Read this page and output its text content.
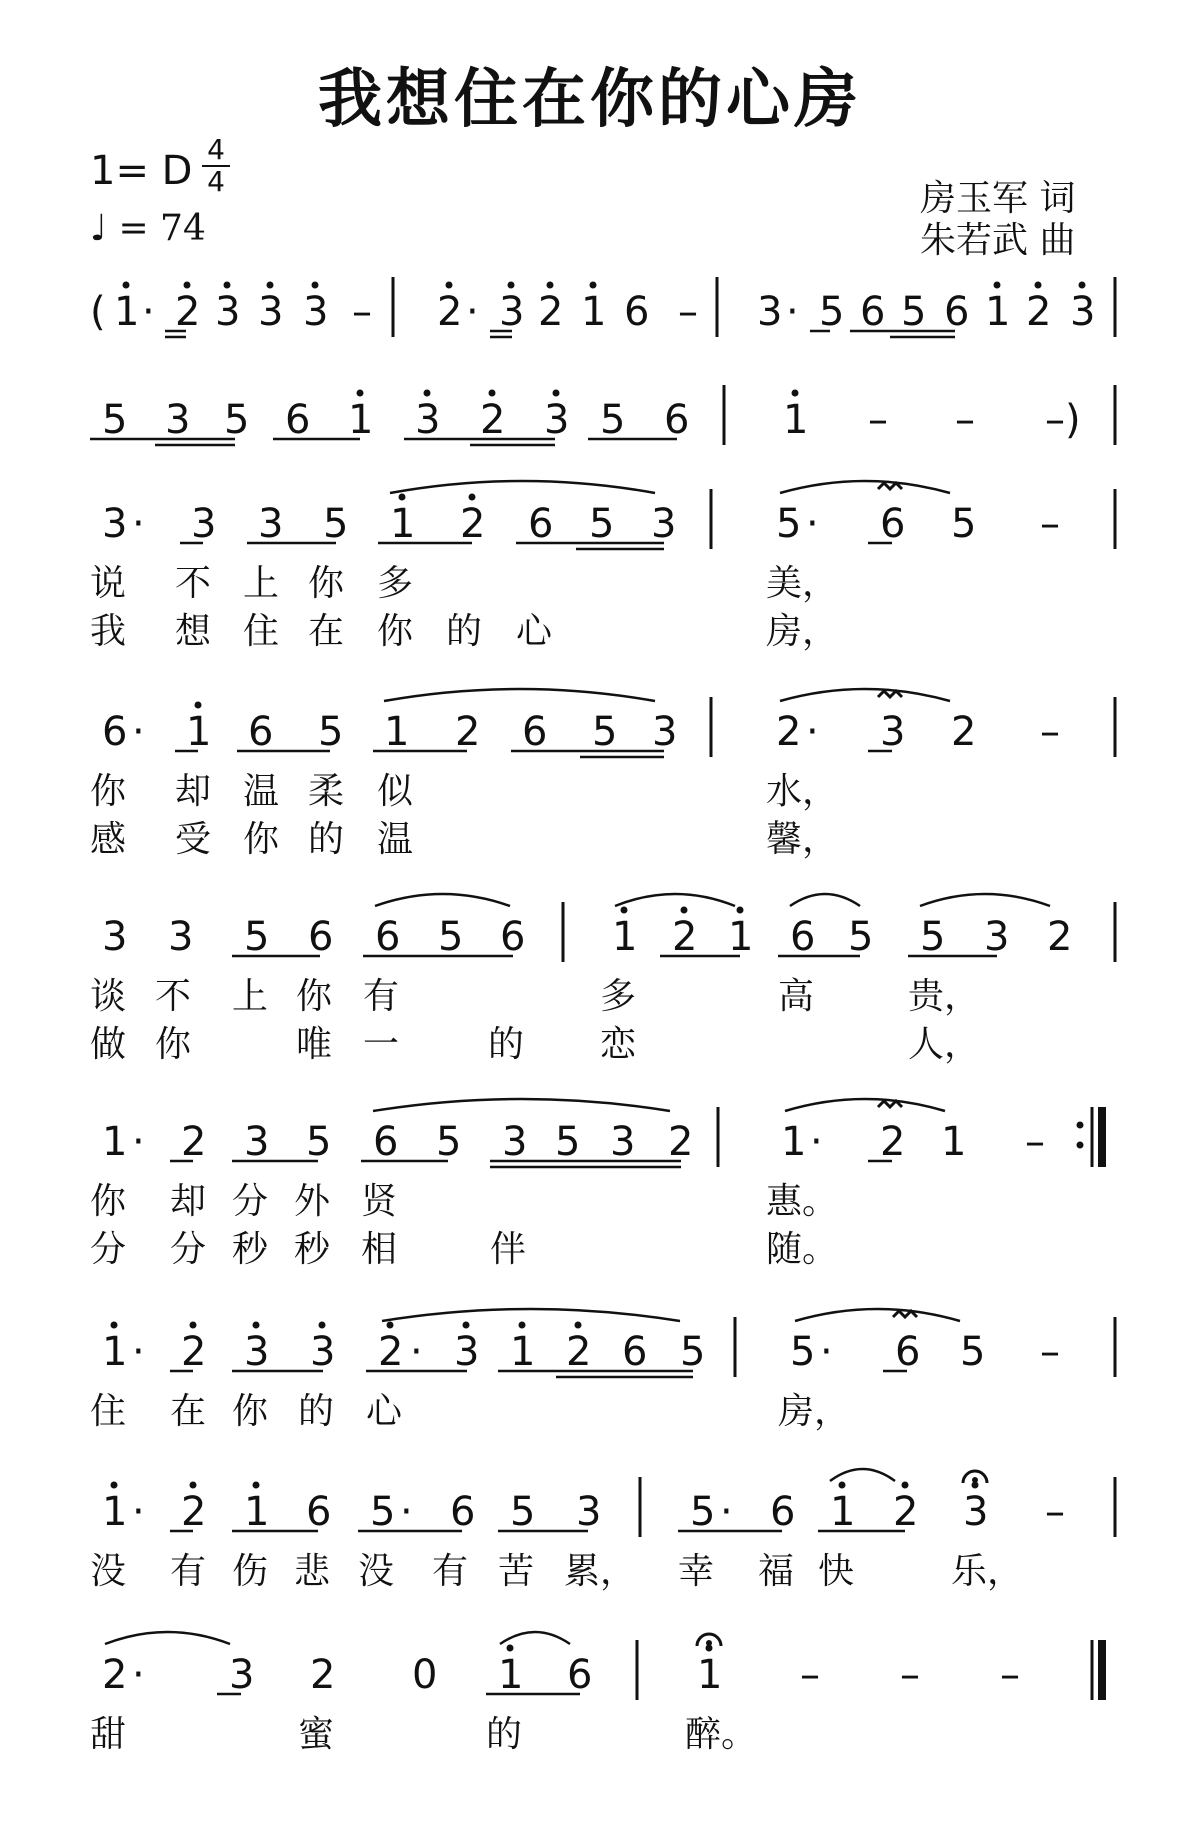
我想住在你的心房
1= D 4
4
♩ = 74
房玉军 词
朱若武 曲
( 1 · 2 3 3 3 – 2 · 3 2 1 6 – 3 · 5 6 5 6 1 2 3
5 3 5 6 1 3 2 3 5 6 1 – – –)
3 · 3 3 5 1 2 6 5 3 5 · 6 5 –
说 不 上 你 多	美，
我 想 住 在 你 的 心	房，
6 · 1 6 5 1 2 6 5 3 2 · 3 2 –
你 却 温 柔 似	水，
感 受 你 的 温	馨，
3 3 5 6 6 5 6 1 2 1 6 5 5 3 2
谈 不 上 你 有	多	高	贵，
做 你	唯 一 的 恋	人，
1 · 2 3 5 6 5 3 5 3 2 1 · 2 1 –
你 却 分 外 贤	惠。
分 分 秒 秒 相	伴	随。
1 · 2 3 3 2 · 3 1 2 6 5 5 · 6 5 –
住 在 你 的 心	房，
1 · 2 1 6 5 · 6 5 3 5 · 6 1 2 3 –
没 有 伤 悲 没 有 苦 累， 幸 福 快	乐，
2 · 3 2 0 1 6	1 – – –
甜	蜜	的	醉。
